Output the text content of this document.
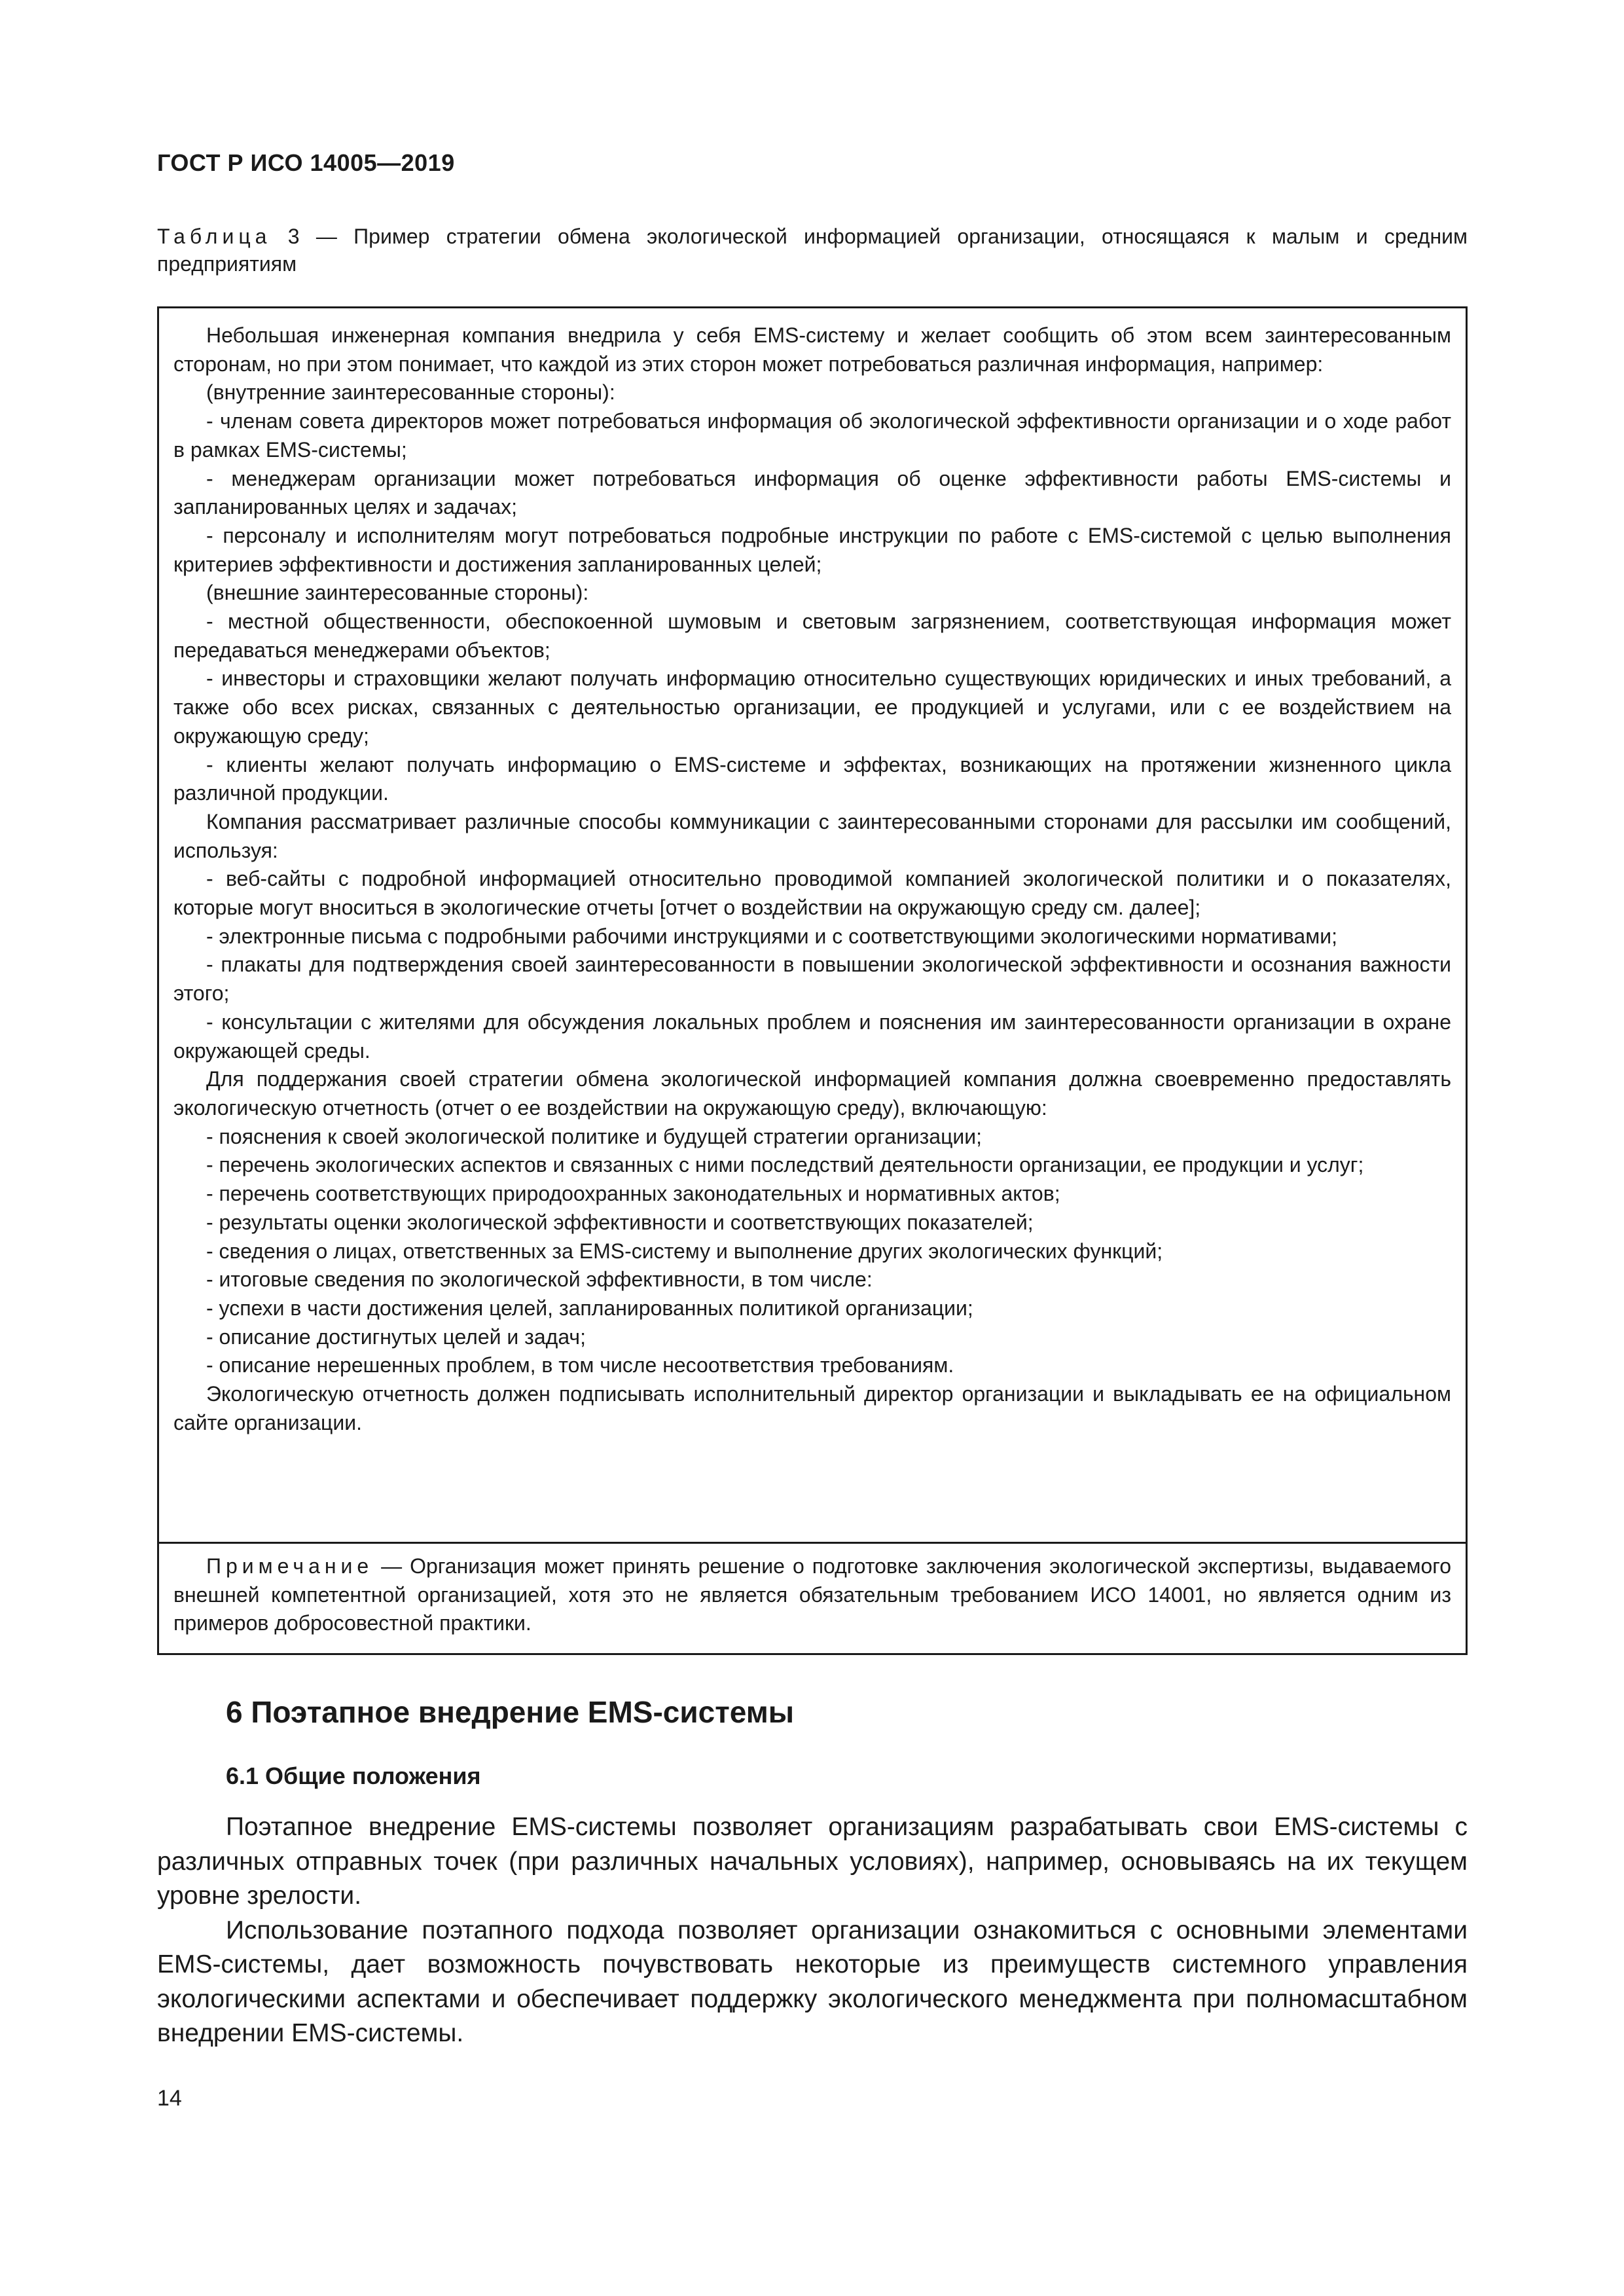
ГОСТ Р ИСО 14005—2019
Таблица 3 — Пример стратегии обмена экологической информацией организации, относящаяся к малым и средним предприятиям

Небольшая инженерная компания внедрила у себя EMS-систему и желает сообщить об этом всем заинтересованным сторонам, но при этом понимает, что каждой из этих сторон может потребоваться различная информация, например:

(внутренние заинтересованные стороны):

- членам совета директоров может потребоваться информация об экологической эффективности организации и о ходе работ в рамках EMS-системы;

- менеджерам организации может потребоваться информация об оценке эффективности работы EMS-системы и запланированных целях и задачах;

- персоналу и исполнителям могут потребоваться подробные инструкции по работе с EMS-системой с целью выполнения критериев эффективности и достижения запланированных целей;

(внешние заинтересованные стороны):

- местной общественности, обеспокоенной шумовым и световым загрязнением, соответствующая информация может передаваться менеджерами объектов;

- инвесторы и страховщики желают получать информацию относительно существующих юридических и иных требований, а также обо всех рисках, связанных с деятельностью организации, ее продукцией и услугами, или с ее воздействием на окружающую среду;

- клиенты желают получать информацию о EMS-системе и эффектах, возникающих на протяжении жизненного цикла различной продукции.

Компания рассматривает различные способы коммуникации с заинтересованными сторонами для рассылки им сообщений, используя:

- веб-сайты с подробной информацией относительно проводимой компанией экологической политики и о показателях, которые могут вноситься в экологические отчеты [отчет о воздействии на окружающую среду см. далее];

- электронные письма с подробными рабочими инструкциями и с соответствующими экологическими нормативами;

- плакаты для подтверждения своей заинтересованности в повышении экологической эффективности и осознания важности этого;

- консультации с жителями для обсуждения локальных проблем и пояснения им заинтересованности организации в охране окружающей среды.

Для поддержания своей стратегии обмена экологической информацией компания должна своевременно предоставлять экологическую отчетность (отчет о ее воздействии на окружающую среду), включающую:

- пояснения к своей экологической политике и будущей стратегии организации;

- перечень экологических аспектов и связанных с ними последствий деятельности организации, ее продукции и услуг;

- перечень соответствующих природоохранных законодательных и нормативных актов;

- результаты оценки экологической эффективности и соответствующих показателей;

- сведения о лицах, ответственных за EMS-систему и выполнение других экологических функций;

- итоговые сведения по экологической эффективности, в том числе:

- успехи в части достижения целей, запланированных политикой организации;

- описание достигнутых целей и задач;

- описание нерешенных проблем, в том числе несоответствия требованиям.

Экологическую отчетность должен подписывать исполнительный директор организации и выкладывать ее на официальном сайте организации.

Примечание — Организация может принять решение о подготовке заключения экологической экспертизы, выдаваемого внешней компетентной организацией, хотя это не является обязательным требованием ИСО 14001, но является одним из примеров добросовестной практики.

6 Поэтапное внедрение EMS-системы
6.1 Общие положения

Поэтапное внедрение EMS-системы позволяет организациям разрабатывать свои EMS-системы с различных отправных точек (при различных начальных условиях), например, основываясь на их текущем уровне зрелости.

Использование поэтапного подхода позволяет организации ознакомиться с основными элементами EMS-системы, дает возможность почувствовать некоторые из преимуществ системного управления экологическими аспектами и обеспечивает поддержку экологического менеджмента при полномасштабном внедрении EMS-системы.

14
